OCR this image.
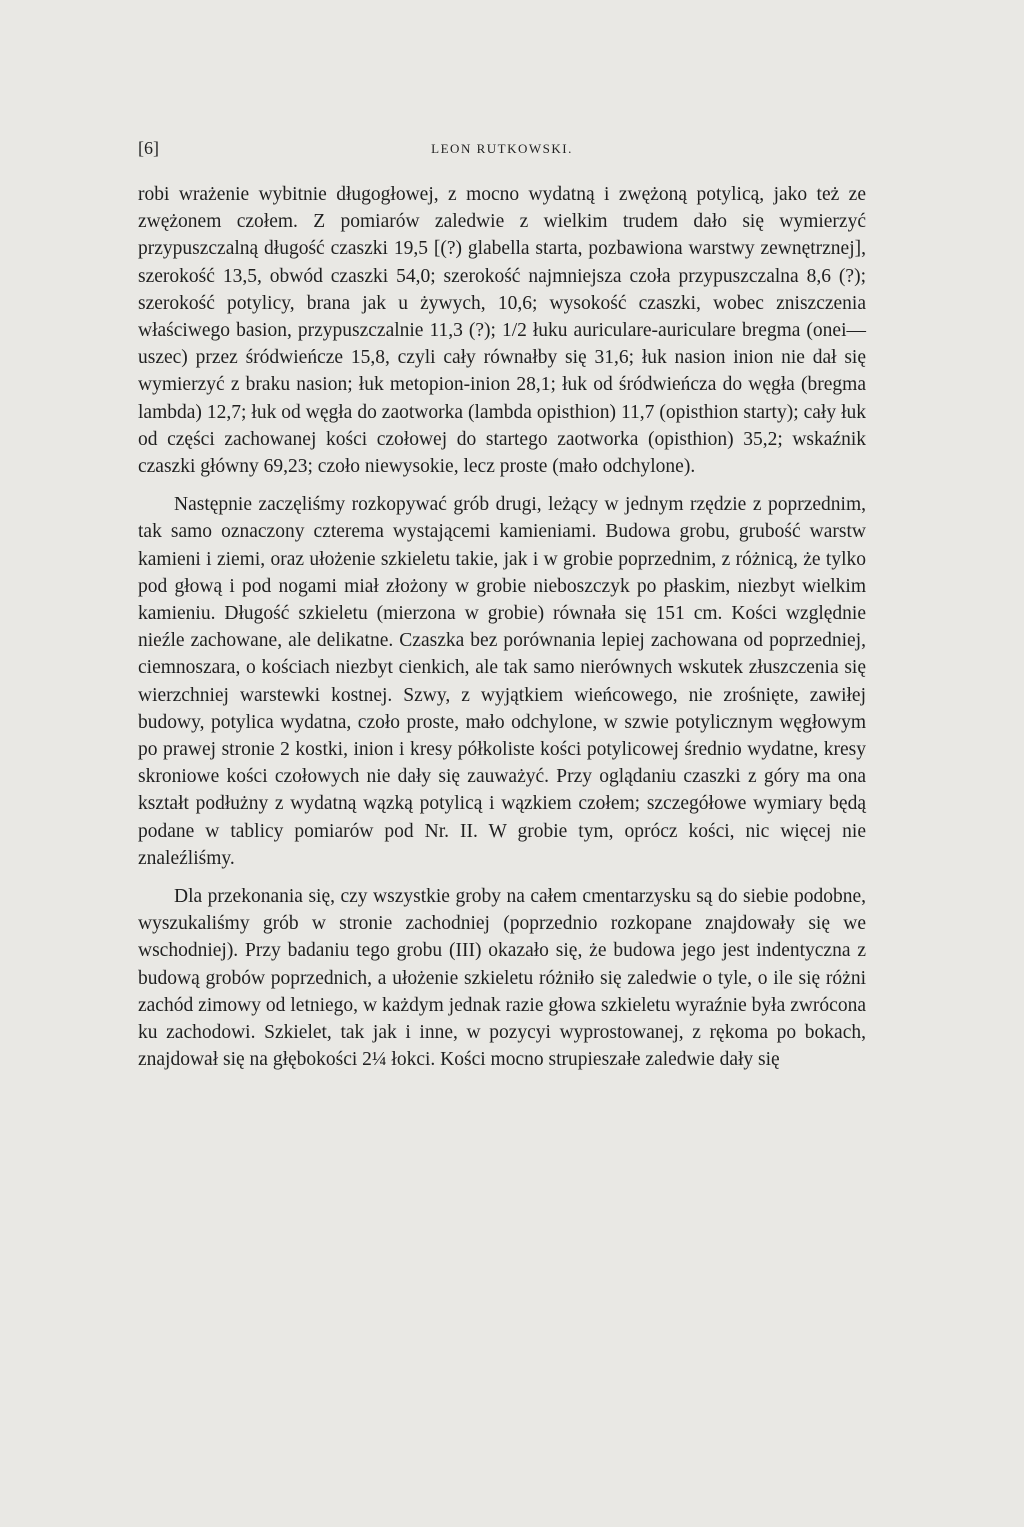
[6]	LEON RUTKOWSKI.

robi wrażenie wybitnie długogłowej, z mocno wydatną i zwężoną potylicą, jako też ze zwężonem czołem. Z pomiarów zaledwie z wielkim trudem dało się wymierzyć przypuszczalną długość czaszki 19,5 [(?) glabella starta, pozbawiona warstwy zewnętrznej], szerokość 13,5, obwód czaszki 54,0; szerokość najmniejsza czoła przypuszczalna 8,6 (?); szerokość potylicy, brana jak u żywych, 10,6; wysokość czaszki, wobec zniszczenia właściwego basion, przypuszczalnie 11,3 (?); 1/2 łuku auriculare-auriculare bregma (onei—uszec) przez śródwieńcze 15,8, czyli cały równałby się 31,6; łuk nasion inion nie dał się wymierzyć z braku nasion; łuk metopion-inion 28,1; łuk od śródwieńcza do węgła (bregma lambda) 12,7; łuk od węgła do zaotworka (lambda opisthion) 11,7 (opisthion starty); cały łuk od części zachowanej kości czołowej do startego zaotworka (opisthion) 35,2; wskaźnik czaszki główny 69,23; czoło niewysokie, lecz proste (mało odchylone).

Następnie zaczęliśmy rozkopywać grób drugi, leżący w jednym rzędzie z poprzednim, tak samo oznaczony czterema wystającemi kamieniami. Budowa grobu, grubość warstw kamieni i ziemi, oraz ułożenie szkieletu takie, jak i w grobie poprzednim, z różnicą, że tylko pod głową i pod nogami miał złożony w grobie nieboszczyk po płaskim, niezbyt wielkim kamieniu. Długość szkieletu (mierzona w grobie) równała się 151 cm. Kości względnie nieźle zachowane, ale delikatne. Czaszka bez porównania lepiej zachowana od poprzedniej, ciemnoszara, o kościach niezbyt cienkich, ale tak samo nierównych wskutek złuszczenia się wierzchniej warstewki kostnej. Szwy, z wyjątkiem wieńcowego, nie zrośnięte, zawiłej budowy, potylica wydatna, czoło proste, mało odchylone, w szwie potylicznym węgłowym po prawej stronie 2 kostki, inion i kresy półkoliste kości potylicowej średnio wydatne, kresy skroniowe kości czołowych nie dały się zauważyć. Przy oglądaniu czaszki z góry ma ona kształt podłużny z wydatną wązką potylicą i wązkiem czołem; szczegółowe wymiary będą podane w tablicy pomiarów pod Nr. II. W grobie tym, oprócz kości, nic więcej nie znaleźliśmy.

Dla przekonania się, czy wszystkie groby na całem cmentarzysku są do siebie podobne, wyszukaliśmy grób w stronie zachodniej (poprzednio rozkopane znajdowały się we wschodniej). Przy badaniu tego grobu (III) okazało się, że budowa jego jest indentyczna z budową grobów poprzednich, a ułożenie szkieletu różniło się zaledwie o tyle, o ile się różni zachód zimowy od letniego, w każdym jednak razie głowa szkieletu wyraźnie była zwrócona ku zachodowi. Szkielet, tak jak i inne, w pozycyi wyprostowanej, z rękoma po bokach, znajdował się na głębokości 2¼ łokci. Kości mocno strupieszałe zaledwie dały się
